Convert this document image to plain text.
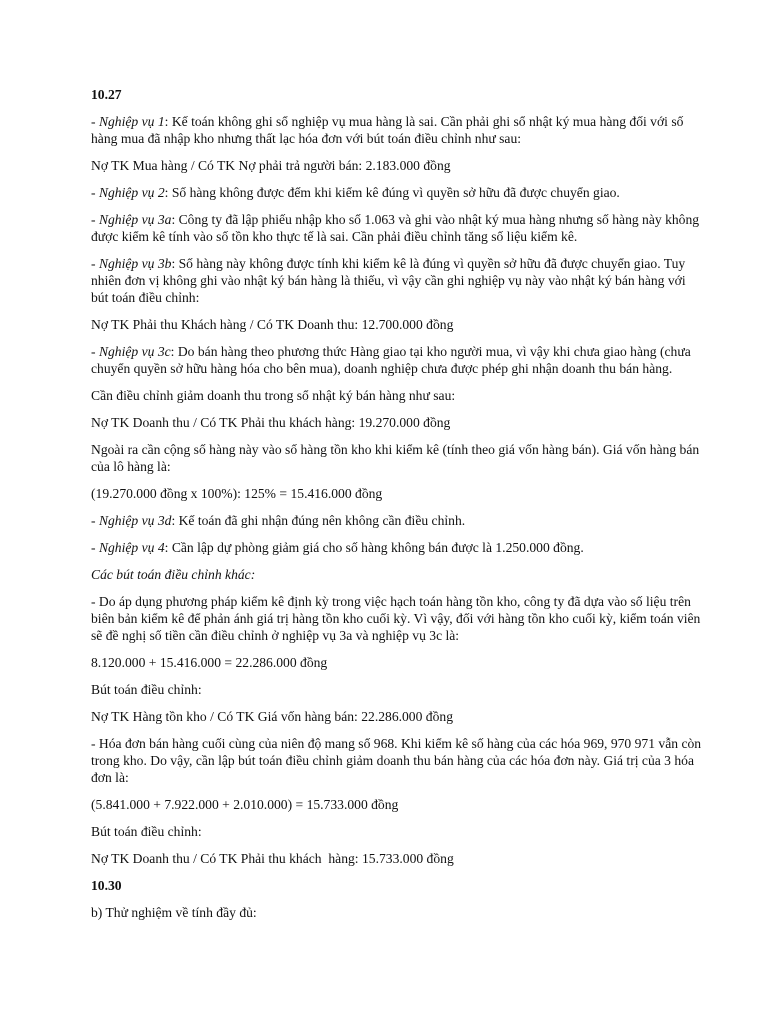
10.27

- Nghiệp vụ 1: Kế toán không ghi sổ nghiệp vụ mua hàng là sai. Cần phải ghi sổ nhật ký mua hàng đối với số hàng mua đã nhập kho nhưng thất lạc hóa đơn với bút toán điều chỉnh như sau:

Nợ TK Mua hàng / Có TK Nợ phải trả người bán: 2.183.000 đồng

- Nghiệp vụ 2: Số hàng không được đếm khi kiểm kê đúng vì quyền sở hữu đã được chuyển giao.

- Nghiệp vụ 3a: Công ty đã lập phiếu nhập kho số 1.063 và ghi vào nhật ký mua hàng nhưng số hàng này không được kiểm kê tính vào số tồn kho thực tế là sai. Cần phải điều chỉnh tăng số liệu kiểm kê.

- Nghiệp vụ 3b: Số hàng này không được tính khi kiểm kê là đúng vì quyền sở hữu đã được chuyển giao. Tuy nhiên đơn vị không ghi vào nhật ký bán hàng là thiếu, vì vậy cần ghi nghiệp vụ này vào nhật ký bán hàng với bút toán điều chỉnh:

Nợ TK Phải thu Khách hàng / Có TK Doanh thu: 12.700.000 đồng

- Nghiệp vụ 3c: Do bán hàng theo phương thức Hàng giao tại kho người mua, vì vậy khi chưa giao hàng (chưa chuyển quyền sở hữu hàng hóa cho bên mua), doanh nghiệp chưa được phép ghi nhận doanh thu bán hàng.

Cần điều chỉnh giảm doanh thu trong sổ nhật ký bán hàng như sau:

Nợ TK Doanh thu / Có TK Phải thu khách hàng: 19.270.000 đồng

Ngoài ra cần cộng số hàng này vào số hàng tồn kho khi kiểm kê (tính theo giá vốn hàng bán). Giá vốn hàng bán của lô hàng là:

(19.270.000 đồng x 100%): 125% = 15.416.000 đồng

- Nghiệp vụ 3d: Kế toán đã ghi nhận đúng nên không cần điều chỉnh.

- Nghiệp vụ 4: Cần lập dự phòng giảm giá cho số hàng không bán được là 1.250.000 đồng.

Các bút toán điều chỉnh khác:

- Do áp dụng phương pháp kiểm kê định kỳ trong việc hạch toán hàng tồn kho, công ty đã dựa vào số liệu trên biên bản kiểm kê để phản ánh giá trị hàng tồn kho cuối kỳ. Vì vậy, đối với hàng tồn kho cuối kỳ, kiểm toán viên sẽ đề nghị số tiền cần điều chỉnh ở nghiệp vụ 3a và nghiệp vụ 3c là:

8.120.000 + 15.416.000 = 22.286.000 đồng

Bút toán điều chỉnh:

Nợ TK Hàng tồn kho / Có TK Giá vốn hàng bán: 22.286.000 đồng

- Hóa đơn bán hàng cuối cùng của niên độ mang số 968. Khi kiểm kê số hàng của các hóa 969, 970 971 vẫn còn trong kho. Do vậy, cần lập bút toán điều chỉnh giảm doanh thu bán hàng của các hóa đơn này. Giá trị của 3 hóa đơn là:

(5.841.000 + 7.922.000 + 2.010.000) = 15.733.000 đồng

Bút toán điều chỉnh:

Nợ TK Doanh thu / Có TK Phải thu khách  hàng: 15.733.000 đồng

10.30

b) Thử nghiệm về tính đầy đủ:
